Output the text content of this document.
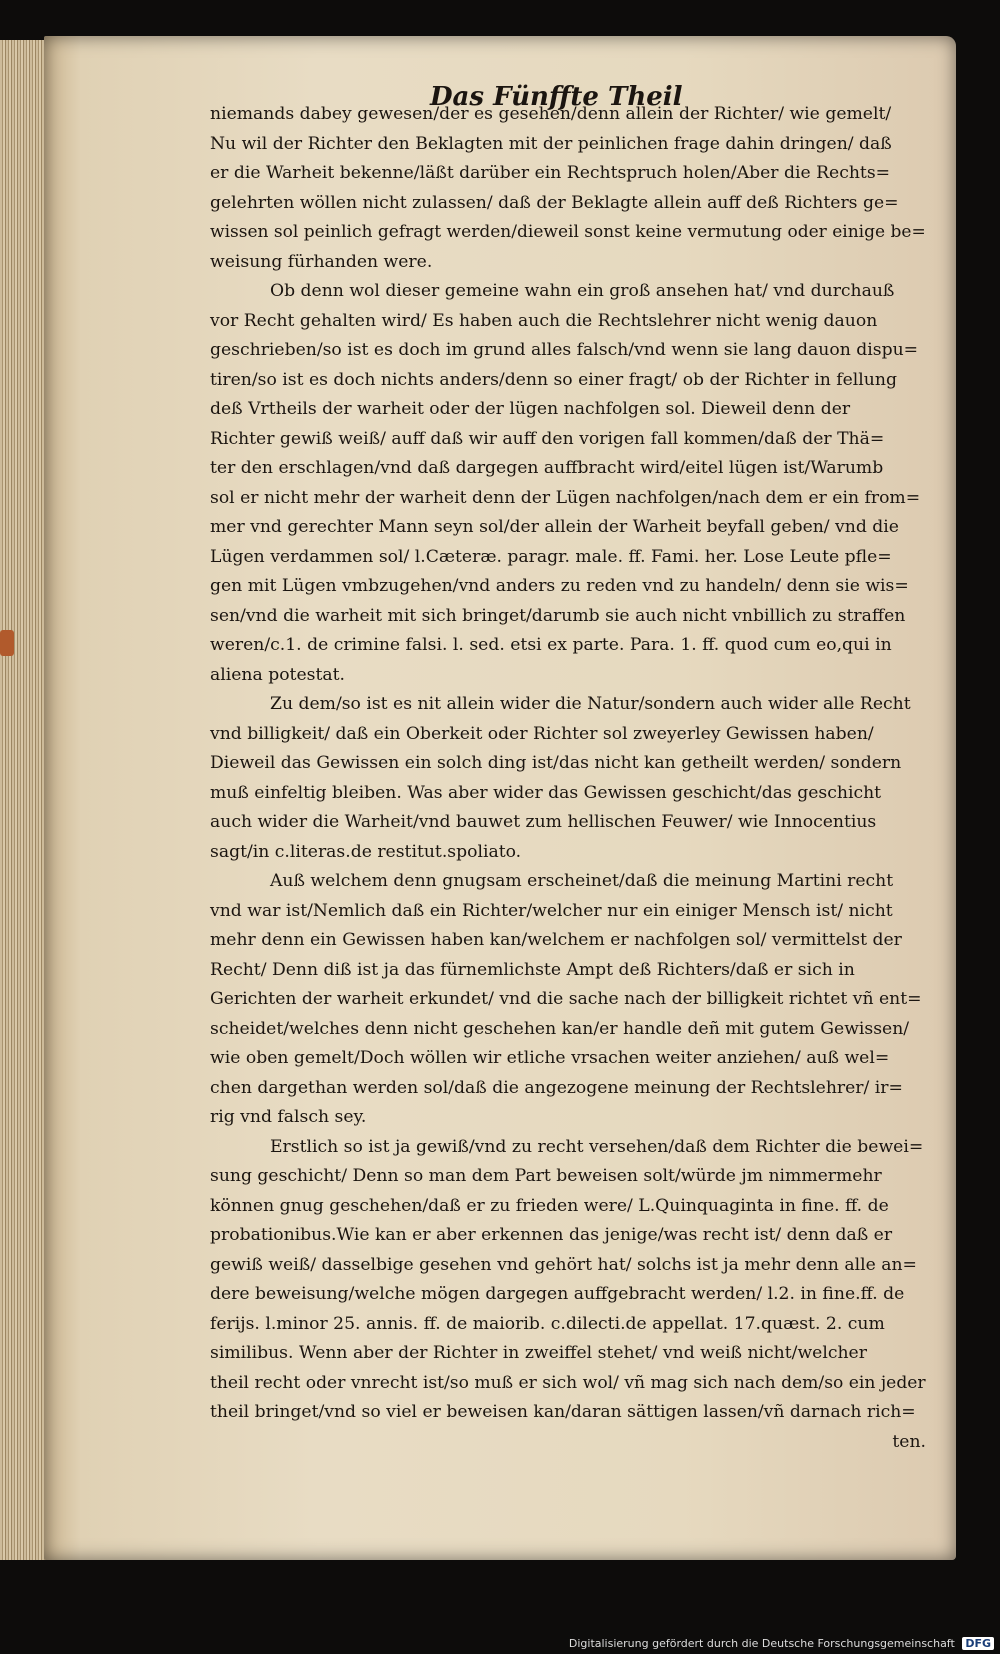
Das Fünffte Theil
niemands dabey gewesen/der es gesehen/denn allein der Richter/ wie gemelt/
Nu wil der Richter den Beklagten mit der peinlichen frage dahin dringen/ daß
er die Warheit bekenne/läßt darüber ein Rechtspruch holen/Aber die Rechts=
gelehrten wöllen nicht zulassen/ daß der Beklagte allein auff deß Richters ge=
wissen sol peinlich gefragt werden/dieweil sonst keine vermutung oder einige be=
weisung fürhanden were.
Ob denn wol dieser gemeine wahn ein groß ansehen hat/ vnd durchauß
vor Recht gehalten wird/ Es haben auch die Rechtslehrer nicht wenig dauon
geschrieben/so ist es doch im grund alles falsch/vnd wenn sie lang dauon dispu=
tiren/so ist es doch nichts anders/denn so einer fragt/ ob der Richter in fellung
deß Vrtheils der warheit oder der lügen nachfolgen sol. Dieweil denn der
Richter gewiß weiß/ auff daß wir auff den vorigen fall kommen/daß der Thä=
ter den erschlagen/vnd daß dargegen auffbracht wird/eitel lügen ist/Warumb
sol er nicht mehr der warheit denn der Lügen nachfolgen/nach dem er ein from=
mer vnd gerechter Mann seyn sol/der allein der Warheit beyfall geben/ vnd die
Lügen verdammen sol/ l.Cæteræ. paragr. male. ff. Fami. her. Lose Leute pfle=
gen mit Lügen vmbzugehen/vnd anders zu reden vnd zu handeln/ denn sie wis=
sen/vnd die warheit mit sich bringet/darumb sie auch nicht vnbillich zu straffen
weren/c.1. de crimine falsi. l. sed. etsi ex parte. Para. 1. ff. quod cum eo,qui in
aliena potestat.
Zu dem/so ist es nit allein wider die Natur/sondern auch wider alle Recht
vnd billigkeit/ daß ein Oberkeit oder Richter sol zweyerley Gewissen haben/
Dieweil das Gewissen ein solch ding ist/das nicht kan getheilt werden/ sondern
muß einfeltig bleiben. Was aber wider das Gewissen geschicht/das geschicht
auch wider die Warheit/vnd bauwet zum hellischen Feuwer/ wie Innocentius
sagt/in c.literas.de restitut.spoliato.
Auß welchem denn gnugsam erscheinet/daß die meinung Martini recht
vnd war ist/Nemlich daß ein Richter/welcher nur ein einiger Mensch ist/ nicht
mehr denn ein Gewissen haben kan/welchem er nachfolgen sol/ vermittelst der
Recht/ Denn diß ist ja das fürnemlichste Ampt deß Richters/daß er sich in
Gerichten der warheit erkundet/ vnd die sache nach der billigkeit richtet vñ ent=
scheidet/welches denn nicht geschehen kan/er handle deñ mit gutem Gewissen/
wie oben gemelt/Doch wöllen wir etliche vrsachen weiter anziehen/ auß wel=
chen dargethan werden sol/daß die angezogene meinung der Rechtslehrer/ ir=
rig vnd falsch sey.
Erstlich so ist ja gewiß/vnd zu recht versehen/daß dem Richter die bewei=
sung geschicht/ Denn so man dem Part beweisen solt/würde jm nimmermehr
können gnug geschehen/daß er zu frieden were/ L.Quinquaginta in fine. ff. de
probationibus.Wie kan er aber erkennen das jenige/was recht ist/ denn daß er
gewiß weiß/ dasselbige gesehen vnd gehört hat/ solchs ist ja mehr denn alle an=
dere beweisung/welche mögen dargegen auffgebracht werden/ l.2. in fine.ff. de
ferijs. l.minor 25. annis. ff. de maiorib. c.dilecti.de appellat. 17.quæst. 2. cum
similibus. Wenn aber der Richter in zweiffel stehet/ vnd weiß nicht/welcher
theil recht oder vnrecht ist/so muß er sich wol/ vñ mag sich nach dem/so ein jeder
theil bringet/vnd so viel er beweisen kan/daran sättigen lassen/vñ darnach rich=
ten.
Digitalisierung gefördert durch die Deutsche Forschungsgemeinschaft DFG
